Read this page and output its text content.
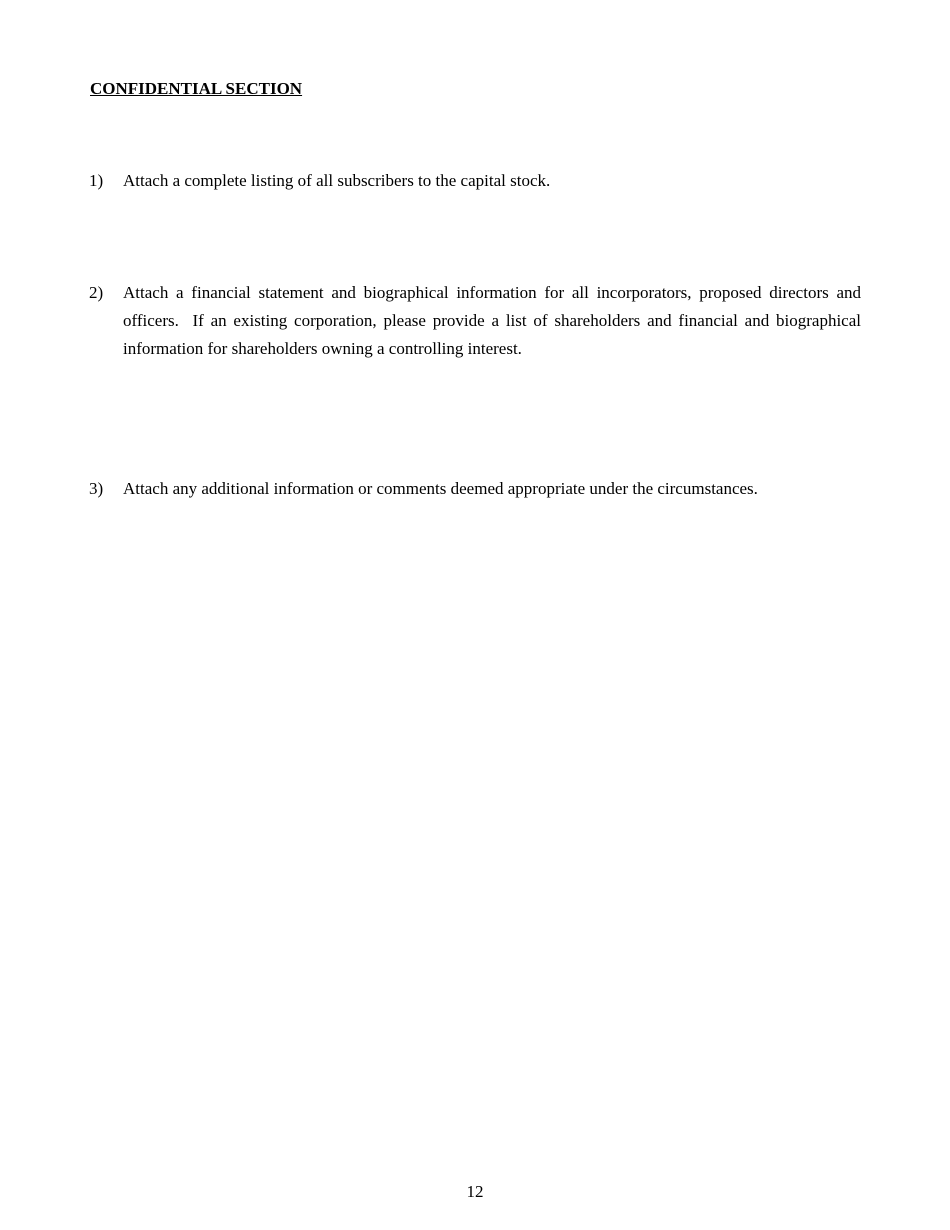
CONFIDENTIAL SECTION
1)	Attach a complete listing of all subscribers to the capital stock.
2)	Attach a financial statement and biographical information for all incorporators, proposed directors and officers.  If an existing corporation, please provide a list of shareholders and financial and biographical information for shareholders owning a controlling interest.
3)	Attach any additional information or comments deemed appropriate under the circumstances.
12
